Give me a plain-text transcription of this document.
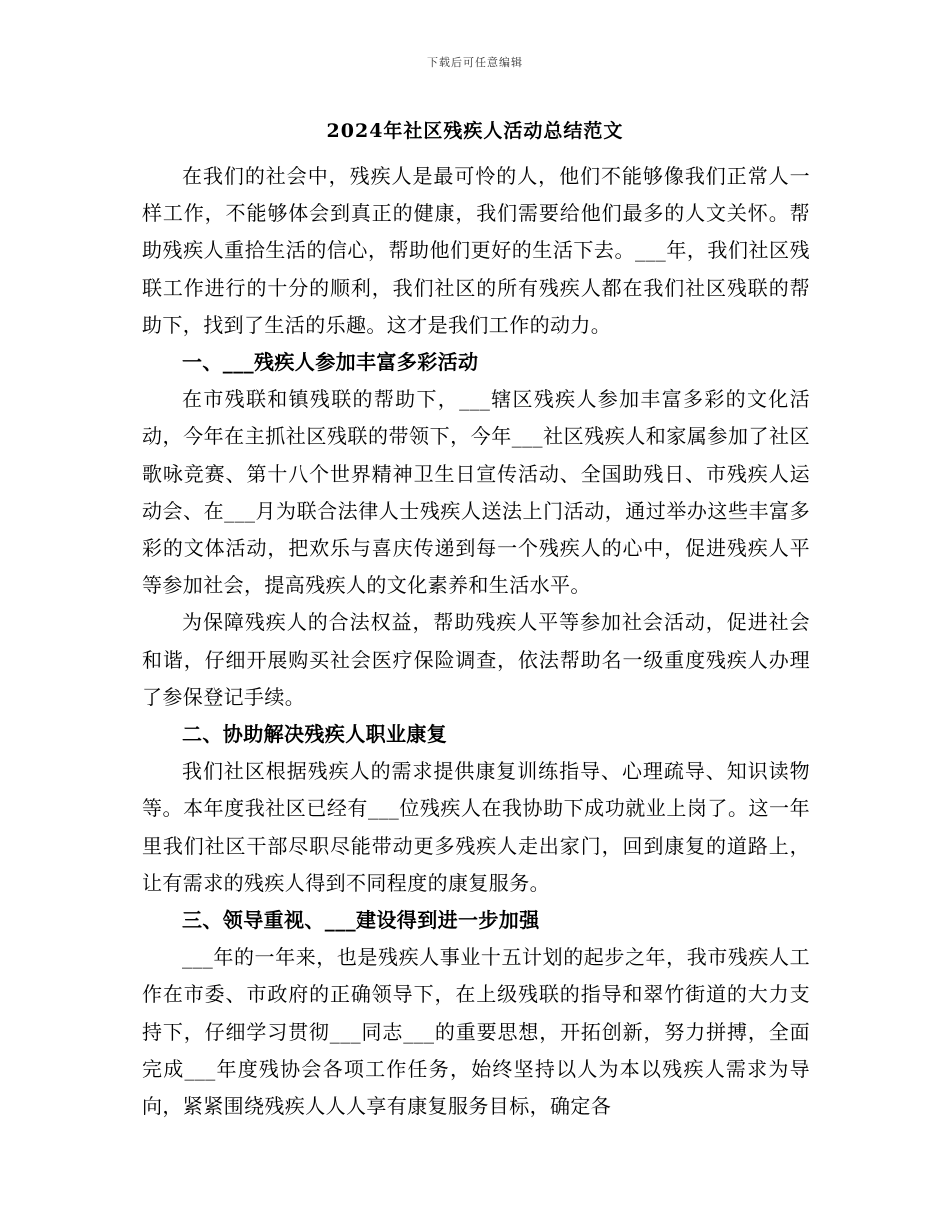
下载后可任意编辑
2024年社区残疾人活动总结范文

在我们的社会中，残疾人是最可怜的人，他们不能够像我们正常人一样工作，不能够体会到真正的健康，我们需要给他们最多的人文关怀。帮助残疾人重拾生活的信心，帮助他们更好的生活下去。___年，我们社区残联工作进行的十分的顺利，我们社区的所有残疾人都在我们社区残联的帮助下，找到了生活的乐趣。这才是我们工作的动力。

一、___残疾人参加丰富多彩活动

在市残联和镇残联的帮助下，___辖区残疾人参加丰富多彩的文化活动，今年在主抓社区残联的带领下，今年___社区残疾人和家属参加了社区歌咏竞赛、第十八个世界精神卫生日宣传活动、全国助残日、市残疾人运动会、在___月为联合法律人士残疾人送法上门活动，通过举办这些丰富多彩的文体活动，把欢乐与喜庆传递到每一个残疾人的心中，促进残疾人平等参加社会，提高残疾人的文化素养和生活水平。

为保障残疾人的合法权益，帮助残疾人平等参加社会活动，促进社会和谐，仔细开展购买社会医疗保险调查，依法帮助名一级重度残疾人办理了参保登记手续。

二、协助解决残疾人职业康复

我们社区根据残疾人的需求提供康复训练指导、心理疏导、知识读物等。本年度我社区已经有___位残疾人在我协助下成功就业上岗了。这一年里我们社区干部尽职尽能带动更多残疾人走出家门，回到康复的道路上，让有需求的残疾人得到不同程度的康复服务。

三、领导重视、___建设得到进一步加强

___年的一年来，也是残疾人事业十五计划的起步之年，我市残疾人工作在市委、市政府的正确领导下，在上级残联的指导和翠竹街道的大力支持下，仔细学习贯彻___同志___的重要思想，开拓创新，努力拼搏，全面完成___年度残协会各项工作任务，始终坚持以人为本以残疾人需求为导向，紧紧围绕残疾人人人享有康复服务目标，确定各
